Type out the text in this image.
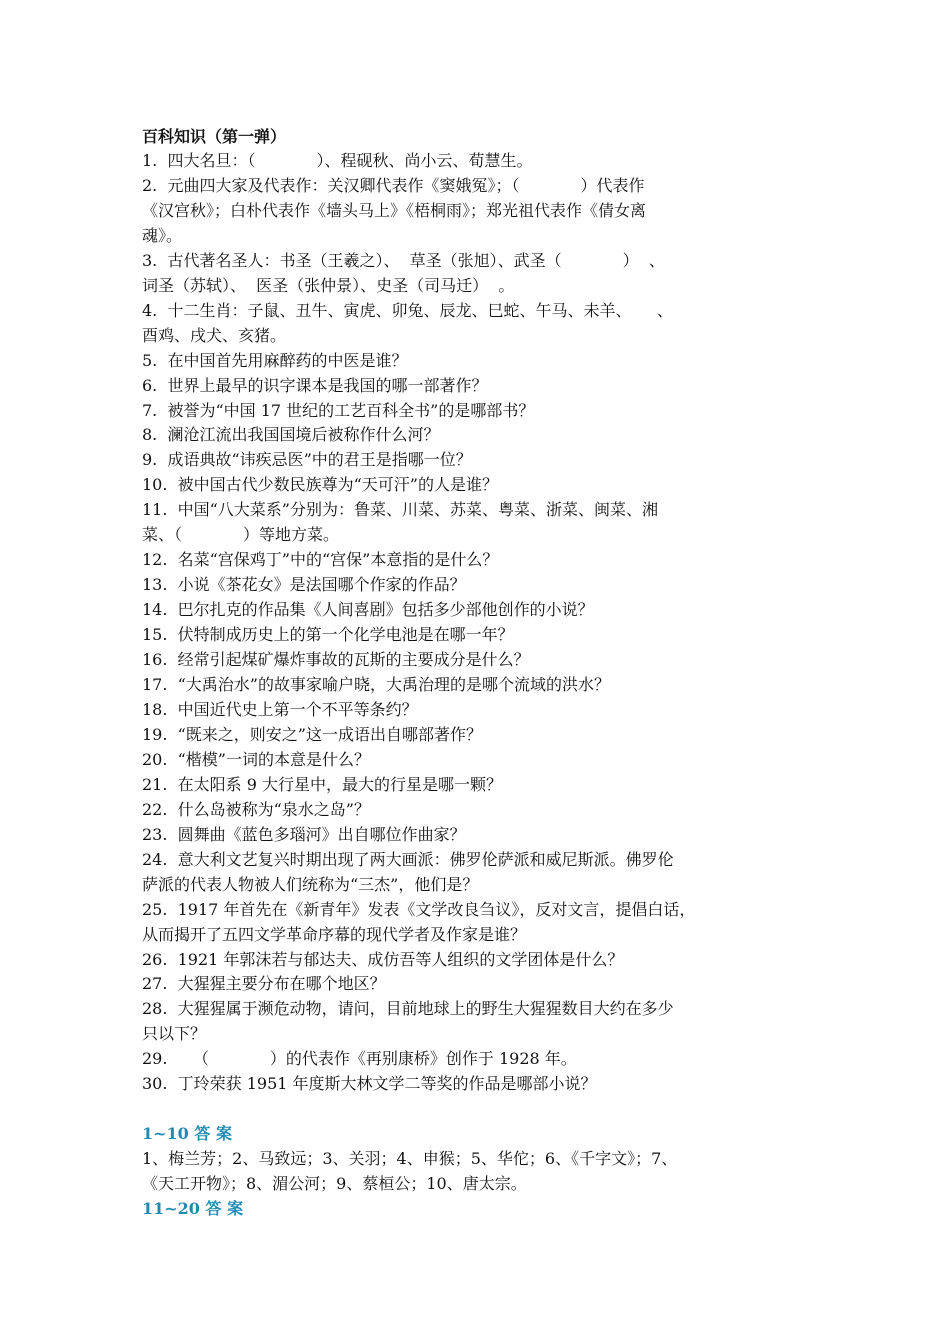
百科知识（第一弹）
1.  四大名旦：（            ）、程砚秋、尚小云、荀慧生。
2.  元曲四大家及代表作：关汉卿代表作《窦娥冤》；（            ）代表作
《汉宫秋》；白朴代表作《墙头马上》《梧桐雨》；郑光祖代表作《倩女离
魂》。
3.  古代著名圣人：书圣（王羲之）、  草圣（张旭）、武圣（            ）  、
词圣（苏轼）、  医圣（张仲景）、史圣（司马迁）  。
4.  十二生肖：子鼠、丑牛、寅虎、卯兔、辰龙、巳蛇、午马、未羊、     、
酉鸡、戌犬、亥猪。
5.  在中国首先用麻醉药的中医是谁？
6.  世界上最早的识字课本是我国的哪一部著作？
7.  被誉为“中国 17 世纪的工艺百科全书”的是哪部书？
8.  澜沧江流出我国国境后被称作什么河？
9.  成语典故“讳疾忌医”中的君王是指哪一位？
10.  被中国古代少数民族尊为“天可汗”的人是谁？
11.  中国“八大菜系”分别为：鲁菜、川菜、苏菜、粤菜、浙菜、闽菜、湘
菜、（            ）等地方菜。
12.  名菜“宫保鸡丁”中的“宫保”本意指的是什么？
13.  小说《茶花女》是法国哪个作家的作品？
14.  巴尔扎克的作品集《人间喜剧》包括多少部他创作的小说？
15.  伏特制成历史上的第一个化学电池是在哪一年？
16.  经常引起煤矿爆炸事故的瓦斯的主要成分是什么？
17.  “大禹治水”的故事家喻户晓，大禹治理的是哪个流域的洪水？
18.  中国近代史上第一个不平等条约？
19.  “既来之，则安之”这一成语出自哪部著作？
20.  “楷模”一词的本意是什么？
21.  在太阳系 9 大行星中，最大的行星是哪一颗？
22.  什么岛被称为“泉水之岛”？
23.  圆舞曲《蓝色多瑙河》出自哪位作曲家？
24.  意大利文艺复兴时期出现了两大画派：佛罗伦萨派和威尼斯派。佛罗伦
萨派的代表人物被人们统称为“三杰”，他们是？
25.  1917 年首先在《新青年》发表《文学改良刍议》，反对文言，提倡白话，
从而揭开了五四文学革命序幕的现代学者及作家是谁？
26.  1921 年郭沫若与郁达夫、成仿吾等人组织的文学团体是什么？
27.  大猩猩主要分布在哪个地区？
28.  大猩猩属于濒危动物，请问，目前地球上的野生大猩猩数目大约在多少
只以下？
29.     （            ）的代表作《再别康桥》创作于 1928 年。
30.  丁玲荣获 1951 年度斯大林文学二等奖的作品是哪部小说？
1~10 答 案
1、梅兰芳；2、马致远；3、关羽；4、申猴；5、华佗；6、《千字文》；7、
《天工开物》；8、湄公河；9、蔡桓公；10、唐太宗。
11~20 答 案
